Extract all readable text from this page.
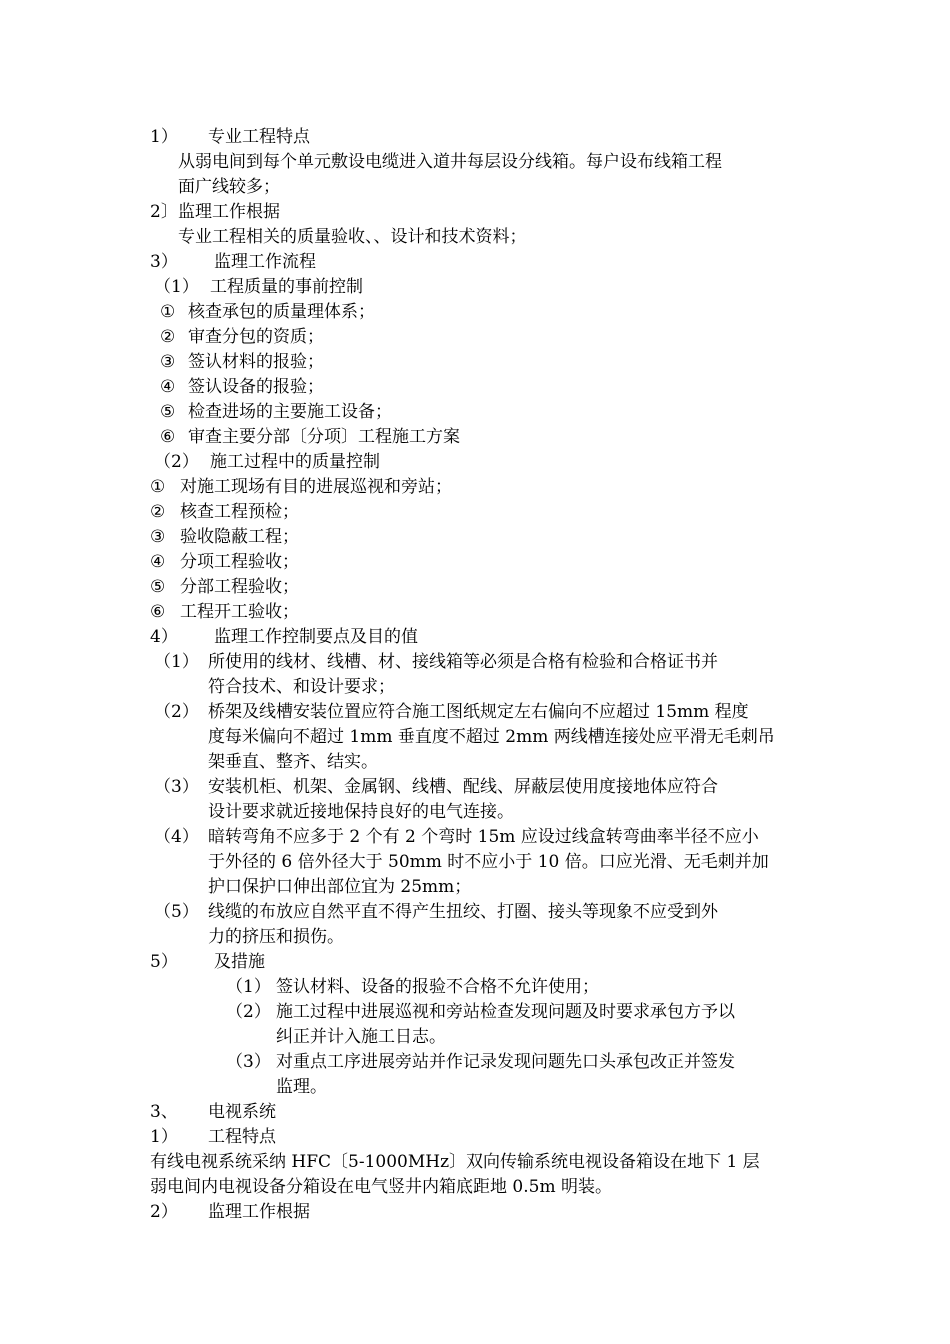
1） 专业工程特点
从弱电间到每个单元敷设电缆进入道井每层设分线箱。每户设布线箱工程
面广线较多；
2〕 监理工作根据
专业工程相关的质量验收、、设计和技术资料；
3） 监理工作流程
（1） 工程质量的事前控制
① 核查承包的质量理体系；
② 审查分包的资质；
③ 签认材料的报验；
④ 签认设备的报验；
⑤ 检查进场的主要施工设备；
⑥ 审查主要分部〔分项〕工程施工方案
（2） 施工过程中的质量控制
① 对施工现场有目的进展巡视和旁站；
② 核查工程预检；
③ 验收隐蔽工程；
④ 分项工程验收；
⑤ 分部工程验收；
⑥ 工程开工验收；
4） 监理工作控制要点及目的值
（1） 所使用的线材、线槽、材、接线箱等必须是合格有检验和合格证书并
符合技术、和设计要求；
（2） 桥架及线槽安装位置应符合施工图纸规定左右偏向不应超过 15mm 程度
度每米偏向不超过 1mm 垂直度不超过 2mm 两线槽连接处应平滑无毛刺吊
架垂直、整齐、结实。
（3） 安装机柜、机架、金属钢、线槽、配线、屏蔽层使用度接地体应符合
设计要求就近接地保持良好的电气连接。
（4） 暗转弯角不应多于 2 个有 2 个弯时 15m 应设过线盒转弯曲率半径不应小
于外径的 6 倍外径大于 50mm 时不应小于 10 倍。口应光滑、无毛刺并加
护口保护口伸出部位宜为 25mm；
（5） 线缆的布放应自然平直不得产生扭绞、打圈、接头等现象不应受到外
力的挤压和损伤。
5） 及措施
（1） 签认材料、设备的报验不合格不允许使用；
（2） 施工过程中进展巡视和旁站检查发现问题及时要求承包方予以
纠正并计入施工日志。
（3） 对重点工序进展旁站并作记录发现问题先口头承包改正并签发
监理。
3、 电视系统
1） 工程特点
有线电视系统采纳 HFC〔5-1000MHz〕双向传输系统电视设备箱设在地下 1 层
弱电间内电视设备分箱设在电气竖井内箱底距地 0.5m 明装。
2） 监理工作根据
